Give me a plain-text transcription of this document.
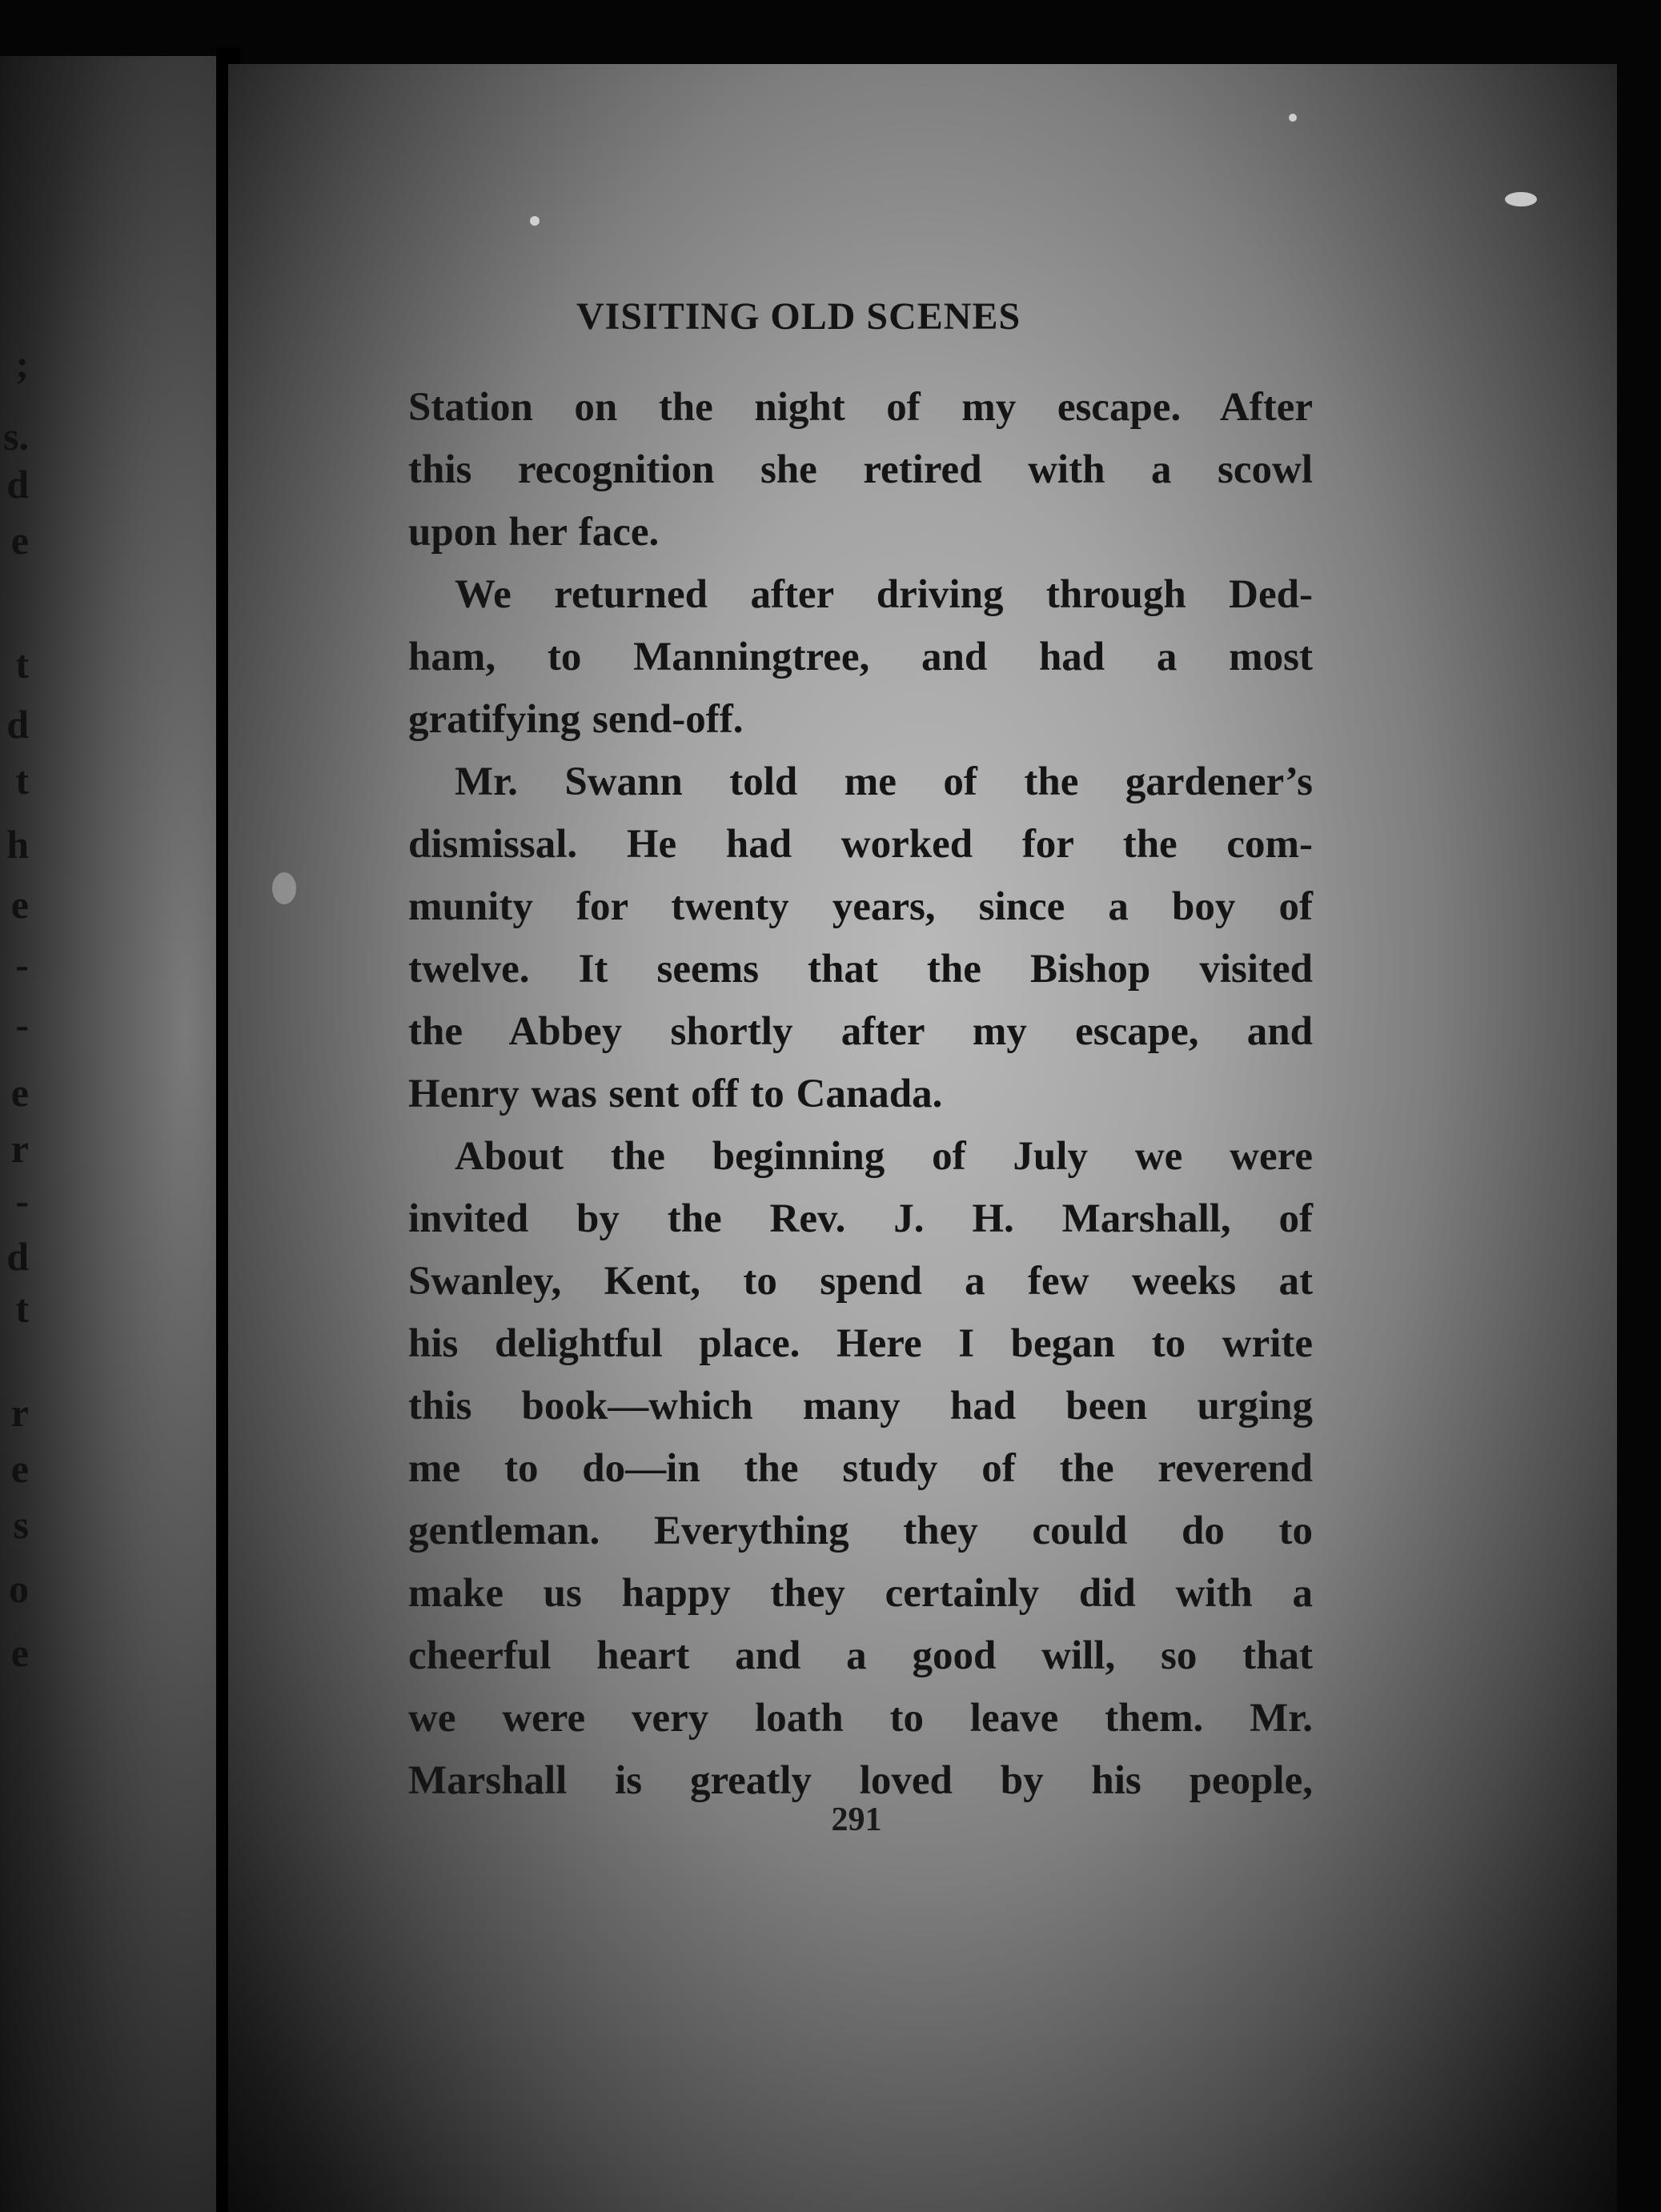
;
s.
d
e
t
d
t
h
e
-
-
e
r
-
d
t
r
e
s
o
e
VISITING OLD SCENES
Station on the night of my escape. After
this recognition she retired with a scowl
upon her face.
We returned after driving through Ded-
ham, to Manningtree, and had a most
gratifying send-off.
Mr. Swann told me of the gardener’s
dismissal. He had worked for the com-
munity for twenty years, since a boy of
twelve. It seems that the Bishop visited
the Abbey shortly after my escape, and
Henry was sent off to Canada.
About the beginning of July we were
invited by the Rev. J. H. Marshall, of
Swanley, Kent, to spend a few weeks at
his delightful place. Here I began to write
this book—which many had been urging
me to do—in the study of the reverend
gentleman. Everything they could do to
make us happy they certainly did with a
cheerful heart and a good will, so that
we were very loath to leave them. Mr.
Marshall is greatly loved by his people,
291
